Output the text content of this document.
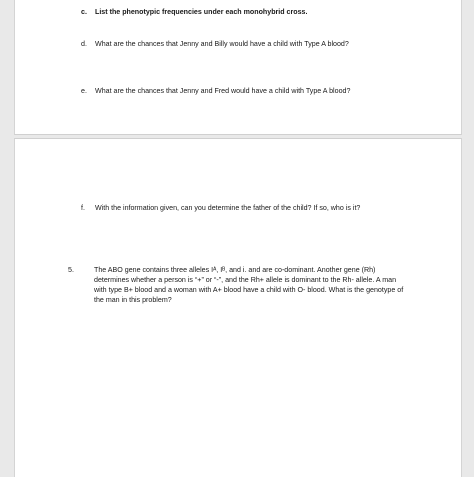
c. List the phenotypic frequencies under each monohybrid cross.
d. What are the chances that Jenny and Billy would have a child with Type A blood?
e. What are the chances that Jenny and Fred would have a child with Type A blood?
f. With the information given, can you determine the father of the child? If so, who is it?
5.	The ABO gene contains three alleles Iᴬ, Iᴮ, and i. and are co-dominant. Another gene (Rh)
determines whether a person is “+” or “-”, and the Rh+ allele is dominant to the Rh- allele. A man
with type B+ blood and a woman with A+ blood have a child with O- blood. What is the genotype of
the man in this problem?
